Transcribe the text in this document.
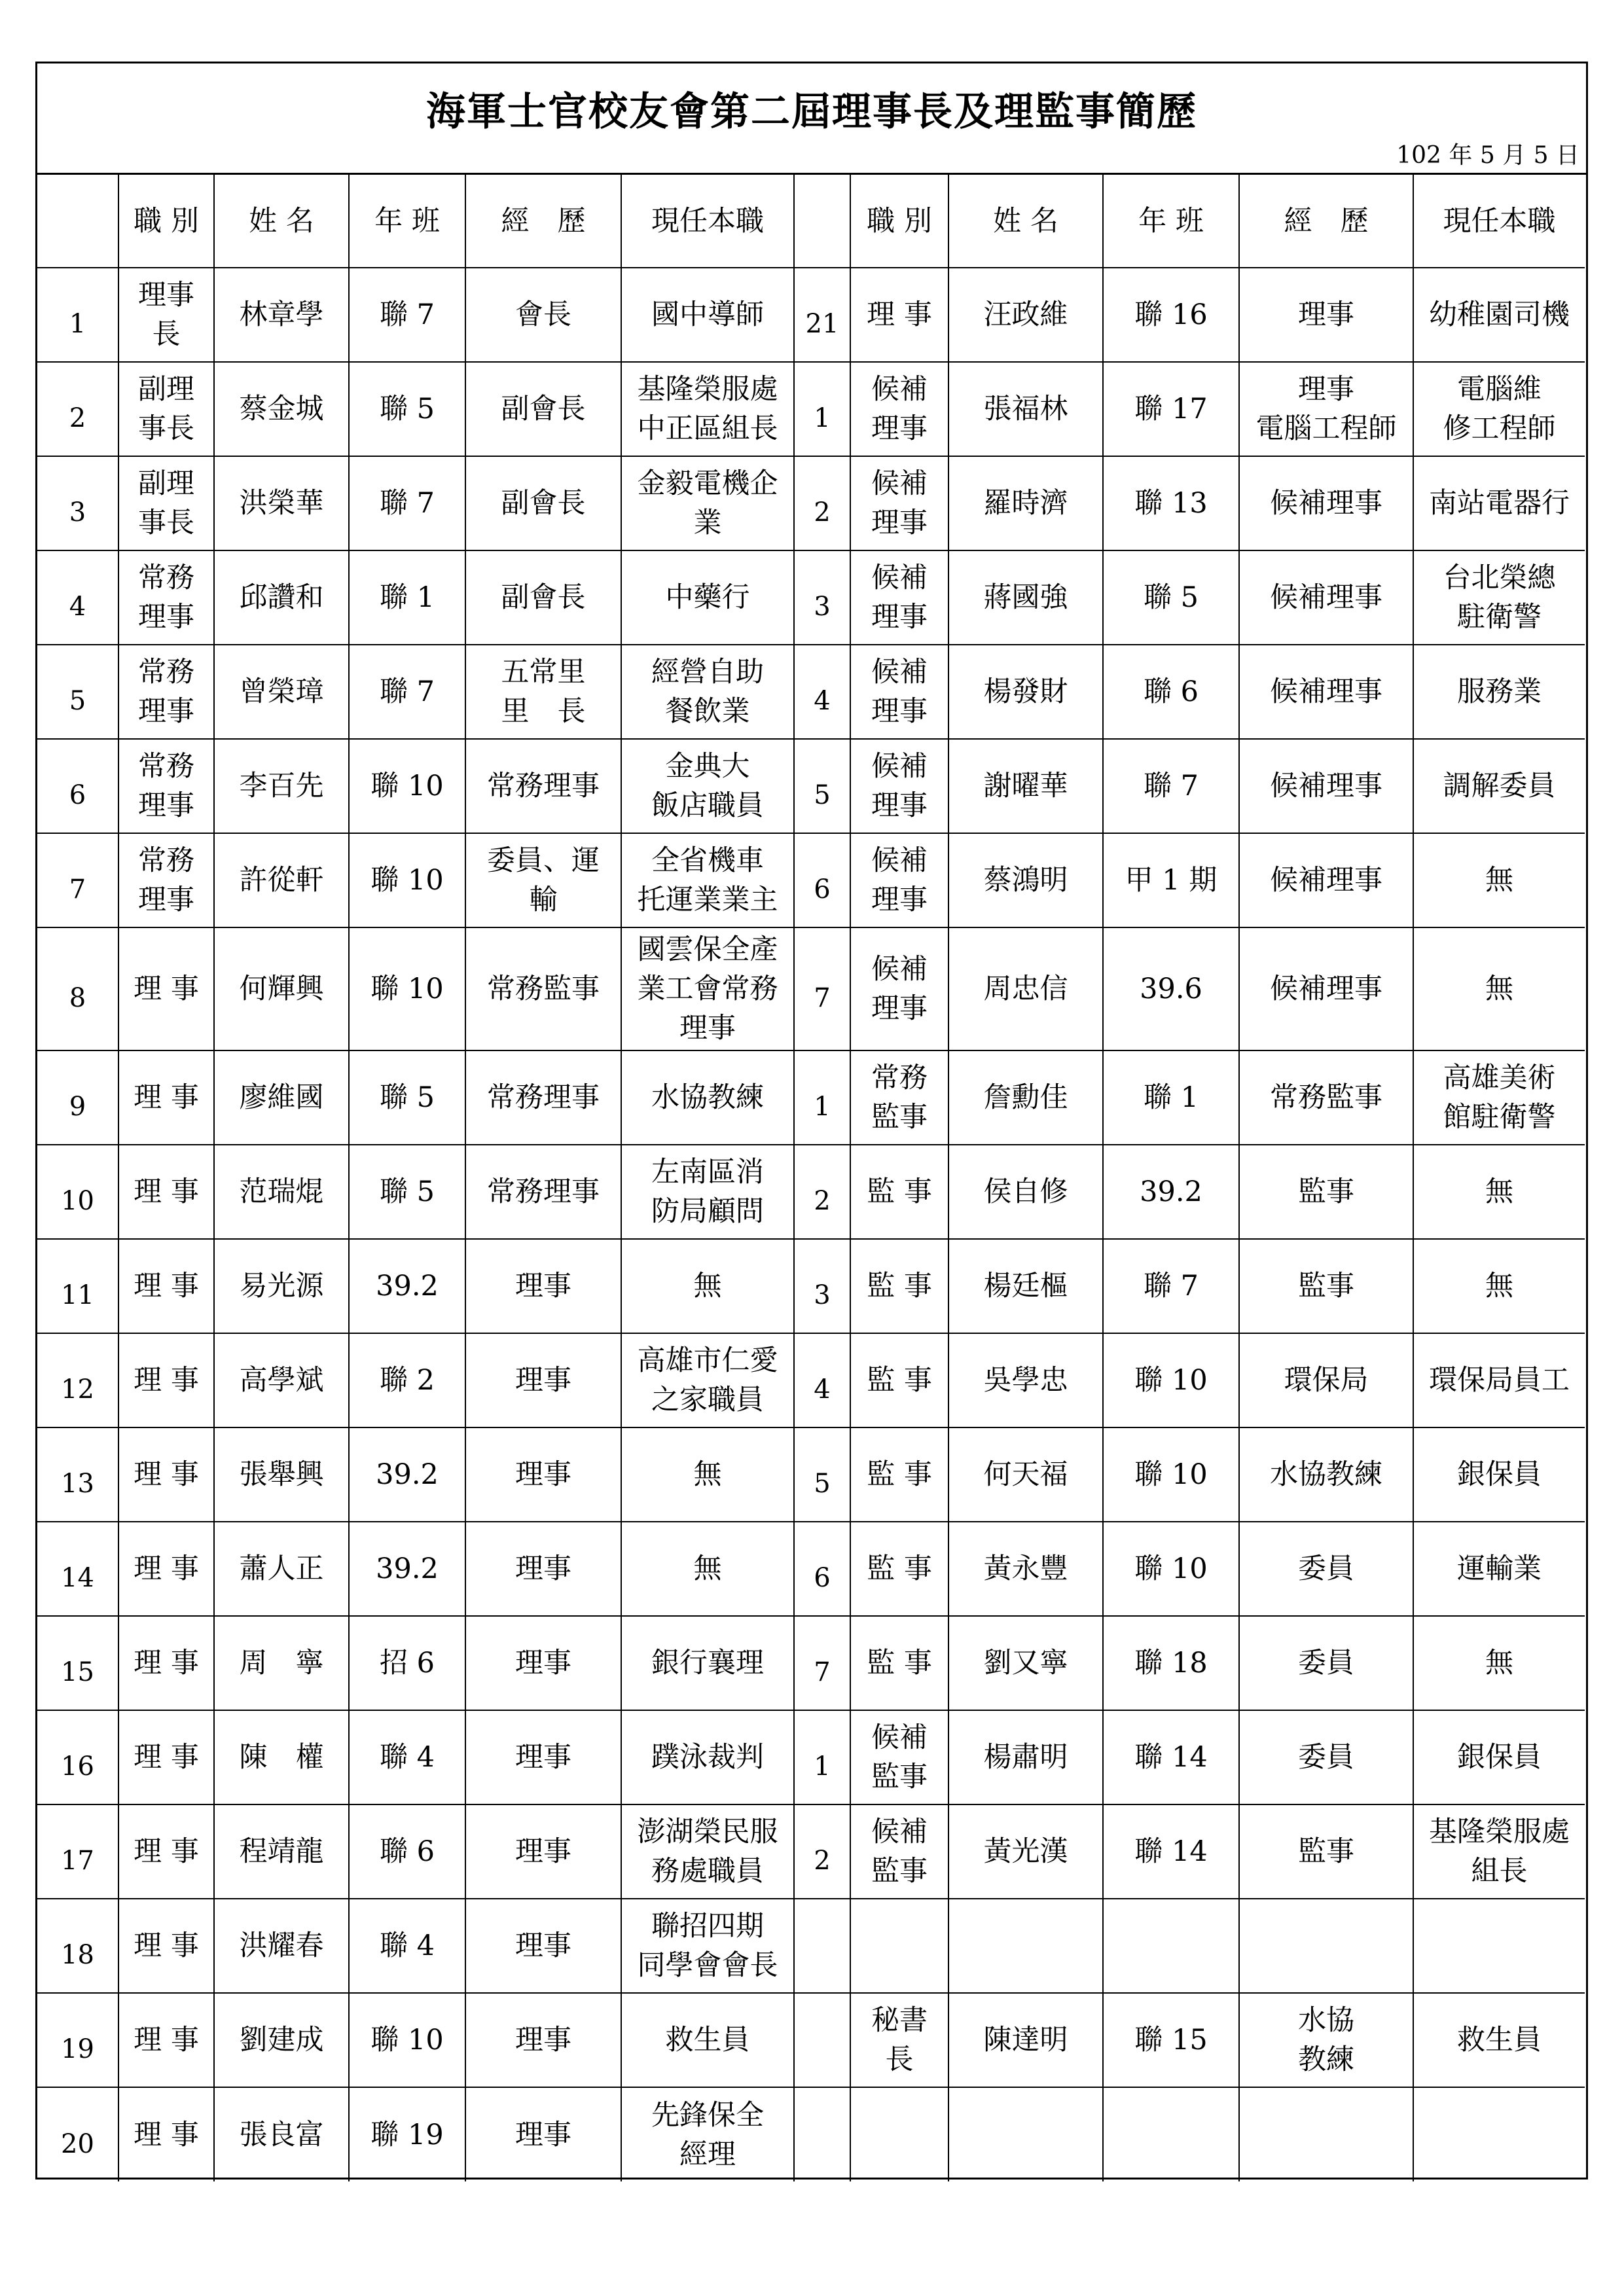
海軍士官校友會第二屆理事長及理監事簡歷
102 年 5 月 5 日
	職 別	姓 名	年 班	經　歷	現任本職		職 別	姓 名	年 班	經　歷	現任本職

1	理事
長	林章學	聯 7	會長	國中導師	21	理 事	汪政維	聯 16	理事	幼稚園司機

2	副理
事長	蔡金城	聯 5	副會長	基隆榮服處
中正區組長	1	候補
理事	張福林	聯 17	理事
電腦工程師	電腦維
修工程師

3	副理
事長	洪榮華	聯 7	副會長	金毅電機企
業	2	候補
理事	羅時濟	聯 13	候補理事	南站電器行

4	常務
理事	邱讚和	聯 1	副會長	中藥行	3	候補
理事	蔣國強	聯 5	候補理事	台北榮總
駐衛警

5	常務
理事	曾榮璋	聯 7	五常里
里　長	經營自助
餐飲業	4	候補
理事	楊發財	聯 6	候補理事	服務業

6	常務
理事	李百先	聯 10	常務理事	金典大
飯店職員	5	候補
理事	謝曜華	聯 7	候補理事	調解委員

7	常務
理事	許從軒	聯 10	委員、運
輸	全省機車
托運業業主	6	候補
理事	蔡鴻明	甲 1 期	候補理事	無

8	理 事	何輝興	聯 10	常務監事	國雲保全產
業工會常務
理事	7	候補
理事	周忠信	39.6	候補理事	無

9	理 事	廖維國	聯 5	常務理事	水協教練	1	常務
監事	詹勳佳	聯 1	常務監事	高雄美術
館駐衛警

10	理 事	范瑞焜	聯 5	常務理事	左南區消
防局顧問	2	監 事	侯自修	39.2	監事	無

11	理 事	易光源	39.2	理事	無	3	監 事	楊廷樞	聯 7	監事	無

12	理 事	高學斌	聯 2	理事	高雄市仁愛
之家職員	4	監 事	吳學忠	聯 10	環保局	環保局員工

13	理 事	張舉興	39.2	理事	無	5	監 事	何天福	聯 10	水協教練	銀保員

14	理 事	蕭人正	39.2	理事	無	6	監 事	黃永豐	聯 10	委員	運輸業

15	理 事	周　寧	招 6	理事	銀行襄理	7	監 事	劉又寧	聯 18	委員	無

16	理 事	陳　權	聯 4	理事	蹼泳裁判	1	候補
監事	楊肅明	聯 14	委員	銀保員

17	理 事	程靖龍	聯 6	理事	澎湖榮民服
務處職員	2	候補
監事	黃光漢	聯 14	監事	基隆榮服處
組長

18	理 事	洪耀春	聯 4	理事	聯招四期
同學會會長						

19	理 事	劉建成	聯 10	理事	救生員		秘書
長	陳達明	聯 15	水協
教練	救生員

20	理 事	張良富	聯 19	理事	先鋒保全
經理						
